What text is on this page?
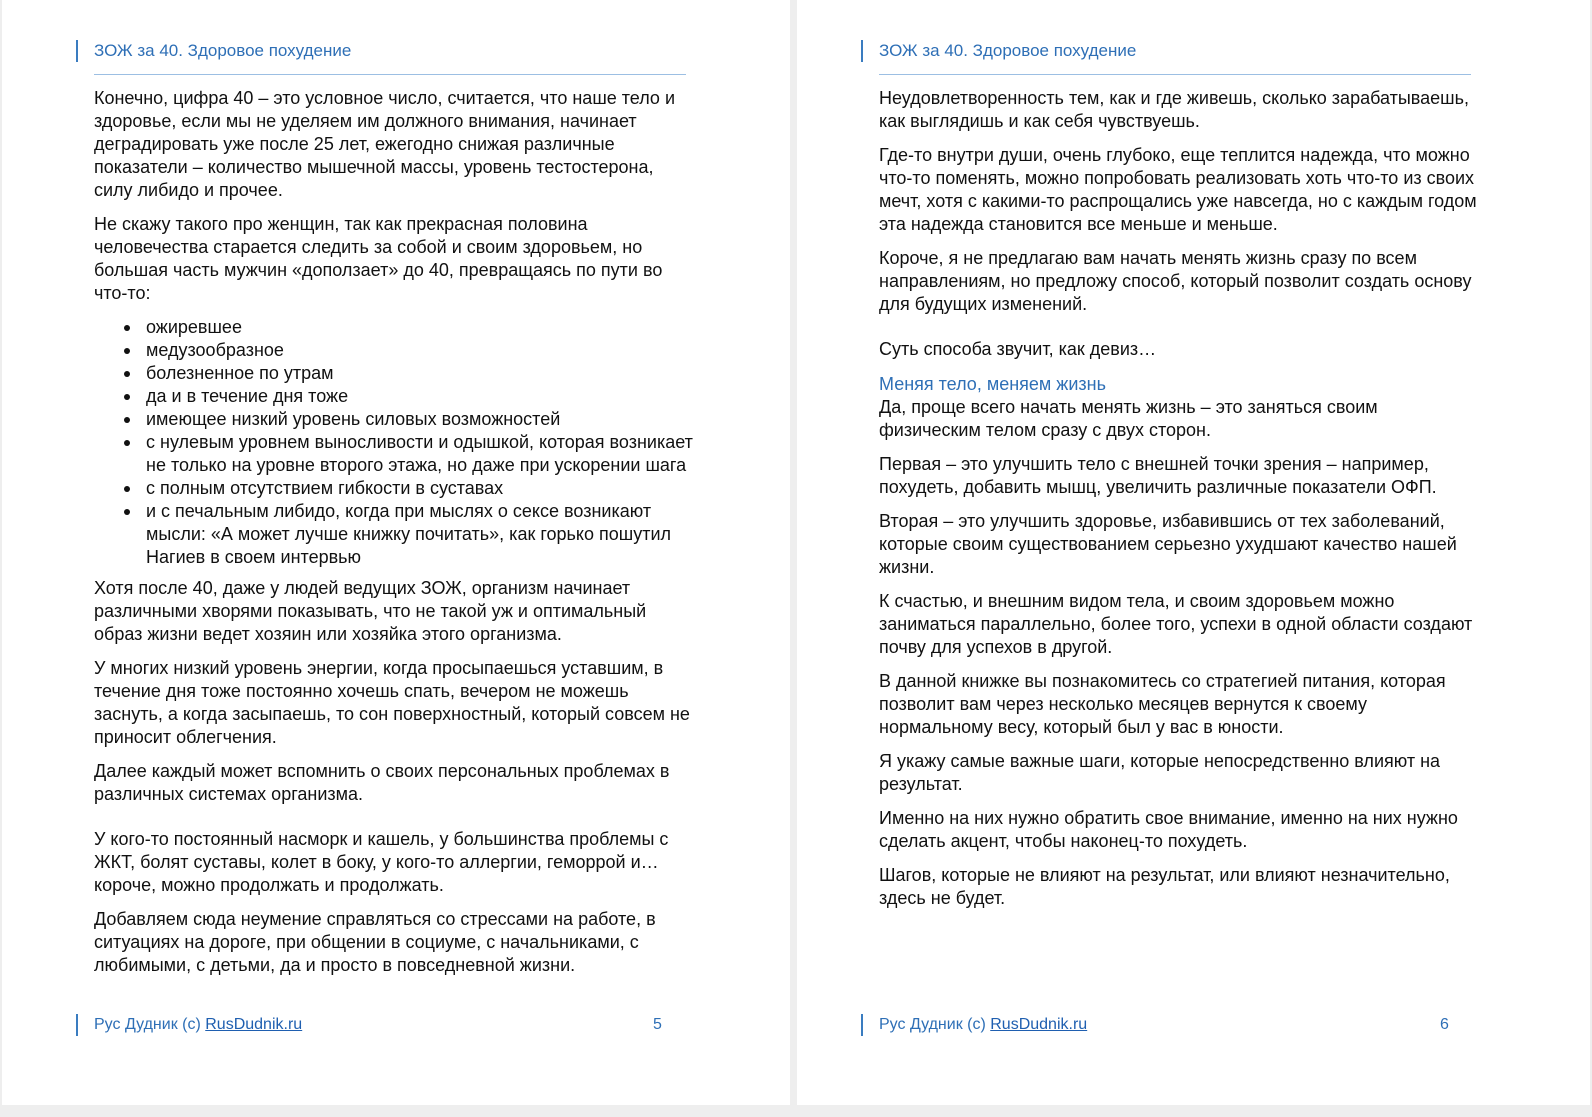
ЗОЖ за 40. Здоровое похудение

Конечно, цифра 40 – это условное число, считается, что наше тело и здоровье, если мы не уделяем им должного внимания, начинает деградировать уже после 25 лет, ежегодно снижая различные показатели – количество мышечной массы, уровень тестостерона, силу либидо и прочее.

Не скажу такого про женщин, так как прекрасная половина человечества старается следить за собой и своим здоровьем, но большая часть мужчин «доползает» до 40, превращаясь по пути во что-то:

ожиревшее
медузообразное
болезненное по утрам
да и в течение дня тоже
имеющее низкий уровень силовых возможностей
с нулевым уровнем выносливости и одышкой, которая возникает не только на уровне второго этажа, но даже при ускорении шага
с полным отсутствием гибкости в суставах
и с печальным либидо, когда при мыслях о сексе возникают мысли: «А может лучше книжку почитать», как горько пошутил Нагиев в своем интервью

Хотя после 40, даже у людей ведущих ЗОЖ, организм начинает различными хворями показывать, что не такой уж и оптимальный образ жизни ведет хозяин или хозяйка этого организма.

У многих низкий уровень энергии, когда просыпаешься уставшим, в течение дня тоже постоянно хочешь спать, вечером не можешь заснуть, а когда засыпаешь, то сон поверхностный, который совсем не приносит облегчения.

Далее каждый может вспомнить о своих персональных проблемах в различных системах организма.

У кого-то постоянный насморк и кашель, у большинства проблемы с ЖКТ, болят суставы, колет в боку, у кого-то аллергии, геморрой и… короче, можно продолжать и продолжать.

Добавляем сюда неумение справляться со стрессами на работе, в ситуациях на дороге, при общении в социуме, с начальниками, с любимыми, с детьми, да и просто в повседневной жизни.

Рус Дудник (с) RusDudnik.ru	5
ЗОЖ за 40. Здоровое похудение

Неудовлетворенность тем, как и где живешь, сколько зарабатываешь, как выглядишь и как себя чувствуешь.

Где-то внутри души, очень глубоко, еще теплится надежда, что можно что-то поменять, можно попробовать реализовать хоть что-то из своих мечт, хотя с какими-то распрощались уже навсегда, но с каждым годом эта надежда становится все меньше и меньше.

Короче, я не предлагаю вам начать менять жизнь сразу по всем направлениям, но предложу способ, который позволит создать основу для будущих изменений.

Суть способа звучит, как девиз…

Меняя тело, меняем жизнь

Да, проще всего начать менять жизнь – это заняться своим физическим телом сразу с двух сторон.

Первая – это улучшить тело с внешней точки зрения – например, похудеть, добавить мышц, увеличить различные показатели ОФП.

Вторая – это улучшить здоровье, избавившись от тех заболеваний, которые своим существованием серьезно ухудшают качество нашей жизни.

К счастью, и внешним видом тела, и своим здоровьем можно заниматься параллельно, более того, успехи в одной области создают почву для успехов в другой.

В данной книжке вы познакомитесь со стратегией питания, которая позволит вам через несколько месяцев вернутся к своему нормальному весу, который был у вас в юности.

Я укажу самые важные шаги, которые непосредственно влияют на результат.

Именно на них нужно обратить свое внимание, именно на них нужно сделать акцент, чтобы наконец-то похудеть.

Шагов, которые не влияют на результат, или влияют незначительно, здесь не будет.

Рус Дудник (с) RusDudnik.ru	6
